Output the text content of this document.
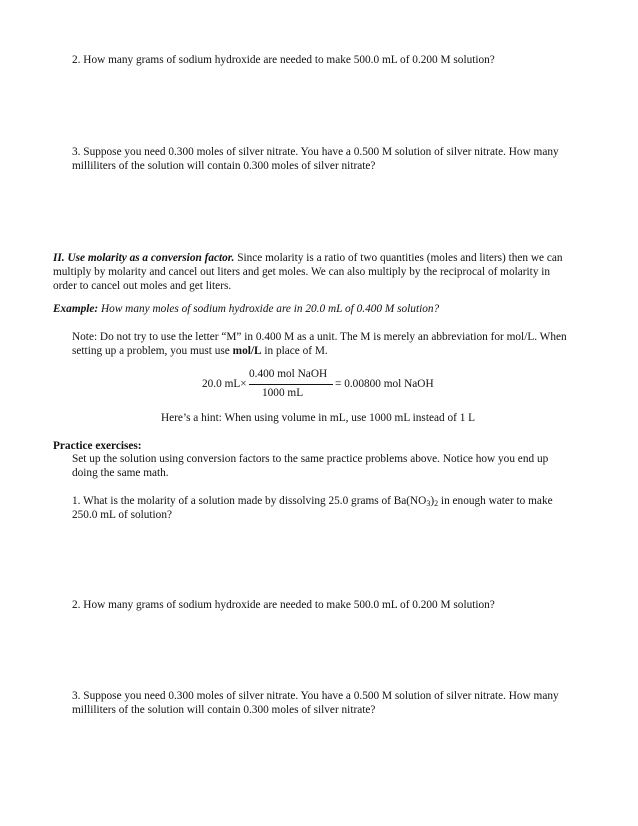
2. How many grams of sodium hydroxide are needed to make 500.0 mL of 0.200 M solution?
3. Suppose you need 0.300 moles of silver nitrate. You have a 0.500 M solution of silver nitrate. How many
milliliters of the solution will contain 0.300 moles of silver nitrate?
II. Use molarity as a conversion factor. Since molarity is a ratio of two quantities (moles and liters) then we can
multiply by molarity and cancel out liters and get moles. We can also multiply by the reciprocal of molarity in
order to cancel out moles and get liters.
Example: How many moles of sodium hydroxide are in 20.0 mL of 0.400 M solution?
Note: Do not try to use the letter “M” in 0.400 M as a unit. The M is merely an abbreviation for mol/L. When
setting up a problem, you must use mol/L in place of M.
20.0 mL×
0.400 mol NaOH
1000 mL
= 0.00800 mol NaOH
Here’s a hint: When using volume in mL, use 1000 mL instead of 1 L
Practice exercises:
Set up the solution using conversion factors to the same practice problems above. Notice how you end up
doing the same math.
1. What is the molarity of a solution made by dissolving 25.0 grams of $Ba(NO_3)_2$ in enough water to make
250.0 mL of solution?
2. How many grams of sodium hydroxide are needed to make 500.0 mL of 0.200 M solution?
3. Suppose you need 0.300 moles of silver nitrate. You have a 0.500 M solution of silver nitrate. How many
milliliters of the solution will contain 0.300 moles of silver nitrate?
